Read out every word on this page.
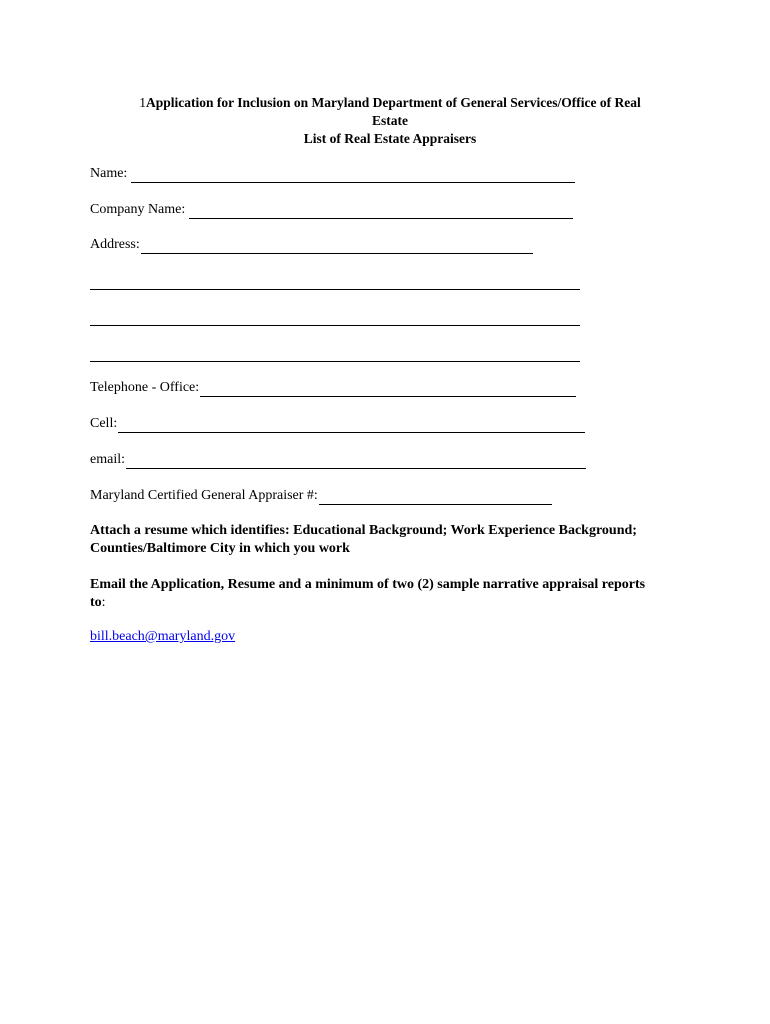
1Application for Inclusion on Maryland Department of General Services/Office of Real
Estate
List of Real Estate Appraisers
Name:
Company Name:
Address:
Telephone - Office:
Cell:
email:
Maryland Certified General Appraiser #:
Attach a resume which identifies: Educational Background; Work Experience Background;
Counties/Baltimore City in which you work
Email the Application, Resume and a minimum of two (2) sample narrative appraisal reports
to:
bill.beach@maryland.gov
